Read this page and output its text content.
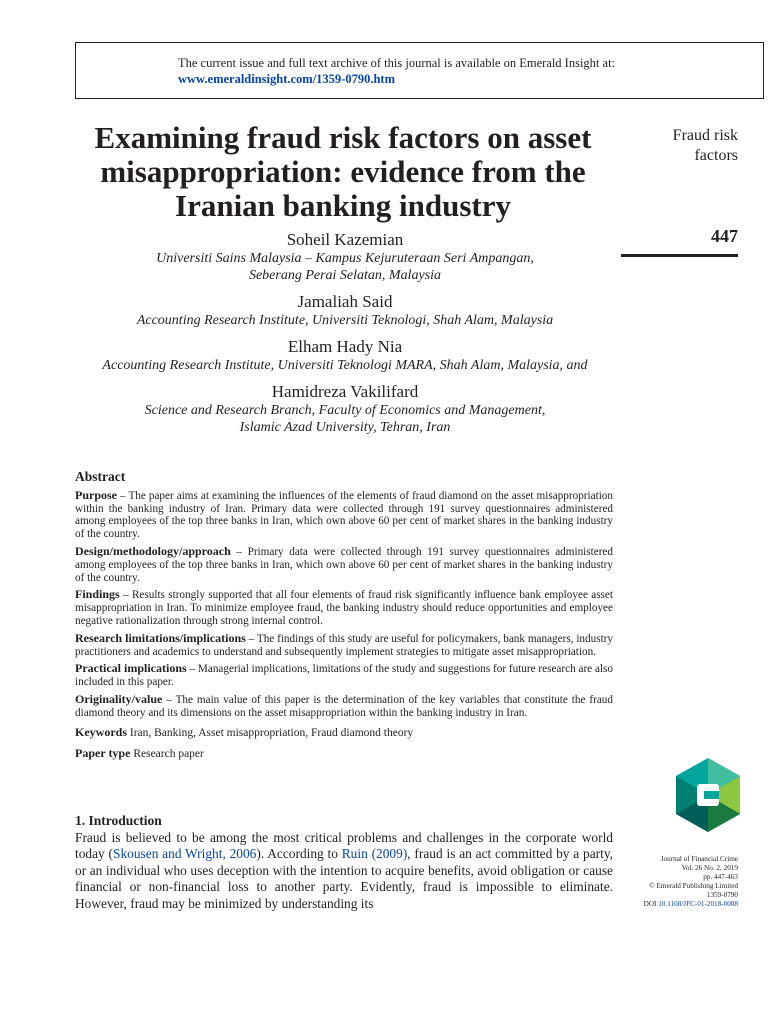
The current issue and full text archive of this journal is available on Emerald Insight at:
www.emeraldinsight.com/1359-0790.htm
Examining fraud risk factors on asset misappropriation: evidence from the Iranian banking industry
Fraud risk
factors
447
Soheil Kazemian
Universiti Sains Malaysia – Kampus Kejuruteraan Seri Ampangan,
Seberang Perai Selatan, Malaysia
Jamaliah Said
Accounting Research Institute, Universiti Teknologi, Shah Alam, Malaysia
Elham Hady Nia
Accounting Research Institute, Universiti Teknologi MARA, Shah Alam, Malaysia, and
Hamidreza Vakilifard
Science and Research Branch, Faculty of Economics and Management,
Islamic Azad University, Tehran, Iran
Abstract

Purpose – The paper aims at examining the influences of the elements of fraud diamond on the asset misappropriation within the banking industry of Iran. Primary data were collected through 191 survey questionnaires administered among employees of the top three banks in Iran, which own above 60 per cent of market shares in the banking industry of the country.

Design/methodology/approach – Primary data were collected through 191 survey questionnaires administered among employees of the top three banks in Iran, which own above 60 per cent of market shares in the banking industry of the country.

Findings – Results strongly supported that all four elements of fraud risk significantly influence bank employee asset misappropriation in Iran. To minimize employee fraud, the banking industry should reduce opportunities and employee negative rationalization through strong internal control.

Research limitations/implications – The findings of this study are useful for policymakers, bank managers, industry practitioners and academics to understand and subsequently implement strategies to mitigate asset misappropriation.

Practical implications – Managerial implications, limitations of the study and suggestions for future research are also included in this paper.

Originality/value – The main value of this paper is the determination of the key variables that constitute the fraud diamond theory and its dimensions on the asset misappropriation within the banking industry in Iran.

Keywords Iran, Banking, Asset misappropriation, Fraud diamond theory
Paper type Research paper
1. Introduction

Fraud is believed to be among the most critical problems and challenges in the corporate world today (Skousen and Wright, 2006). According to Ruin (2009), fraud is an act committed by a party, or an individual who uses deception with the intention to acquire benefits, avoid obligation or cause financial or non-financial loss to another party. Evidently, fraud is impossible to eliminate. However, fraud may be minimized by understanding its

Journal of Financial Crime
Vol. 26 No. 2, 2019
pp. 447-463
© Emerald Publishing Limited
1359-0790
DOI 10.1108/JFC-01-2018-0008
